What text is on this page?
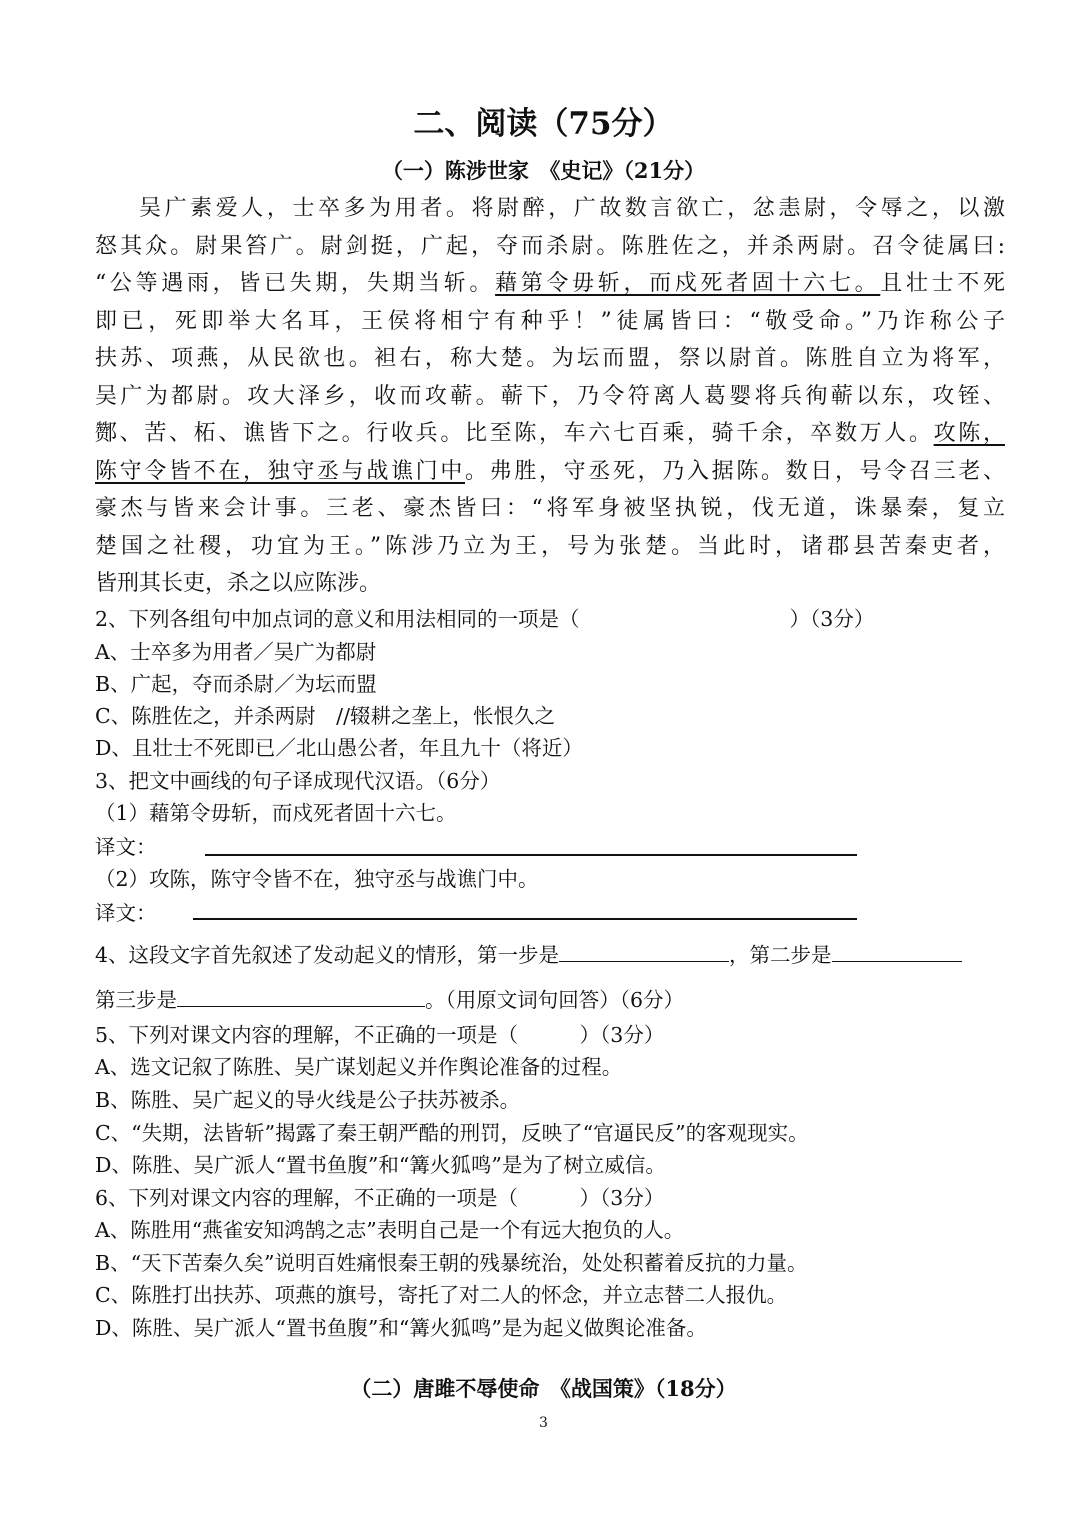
二、阅读（75分）
（一）陈涉世家　《史记》（21分）

吴广素爱人，士卒多为用者。将尉醉，广故数言欲亡，忿恚尉，令辱之，以激

怒其众。尉果笞广。尉剑挺，广起，夺而杀尉。陈胜佐之，并杀两尉。召令徒属曰:

“公等遇雨，皆已失期，失期当斩。藉第令毋斩，而戍死者固十六七。且壮士不死

即已，死即举大名耳，王侯将相宁有种乎！”徒属皆曰：“敬受命。”乃诈称公子

扶苏、项燕，从民欲也。袒右，称大楚。为坛而盟，祭以尉首。陈胜自立为将军，

吴广为都尉。攻大泽乡，收而攻蕲。蕲下，乃令符离人葛婴将兵徇蕲以东，攻铚、

酂、苦、柘、谯皆下之。行收兵。比至陈，车六七百乘，骑千余，卒数万人。攻陈，

陈守令皆不在，独守丞与战谯门中。弗胜，守丞死，乃入据陈。数日，号令召三老、

豪杰与皆来会计事。三老、豪杰皆曰：“将军身被坚执锐，伐无道，诛暴秦，复立

楚国之社稷，功宜为王。”陈涉乃立为王，号为张楚。当此时，诸郡县苦秦吏者，

皆刑其长吏，杀之以应陈涉。

2、下列各组句中加点词的意义和用法相同的一项是（	）（3分）
A、士卒多为用者／吴广为都尉
B、广起，夺而杀尉／为坛而盟
C、陈胜佐之，并杀两尉　//辍耕之垄上，怅恨久之
D、且壮士不死即已／北山愚公者，年且九十（将近）
3、把文中画线的句子译成现代汉语。（6分）
（1）藉第令毋斩，而戍死者固十六七。
译文：
（2）攻陈，陈守令皆不在，独守丞与战谯门中。
译文：
4、这段文字首先叙述了发动起义的情形，第一步是	，第二步是
第三步是	。（用原文词句回答）（6分）
5、下列对课文内容的理解，不正确的一项是（　　　）（3分）
A、选文记叙了陈胜、吴广谋划起义并作舆论准备的过程。
B、陈胜、吴广起义的导火线是公子扶苏被杀。
C、“失期，法皆斩”揭露了秦王朝严酷的刑罚，反映了“官逼民反”的客观现实。
D、陈胜、吴广派人“置书鱼腹”和“篝火狐鸣”是为了树立威信。
6、下列对课文内容的理解，不正确的一项是（　　　）（3分）
A、陈胜用“燕雀安知鸿鹄之志”表明自己是一个有远大抱负的人。
B、“天下苦秦久矣”说明百姓痛恨秦王朝的残暴统治，处处积蓄着反抗的力量。
C、陈胜打出扶苏、项燕的旗号，寄托了对二人的怀念，并立志替二人报仇。
D、陈胜、吴广派人“置书鱼腹”和“篝火狐鸣”是为起义做舆论准备。
（二）唐雎不辱使命　《战国策》（18分）
3
